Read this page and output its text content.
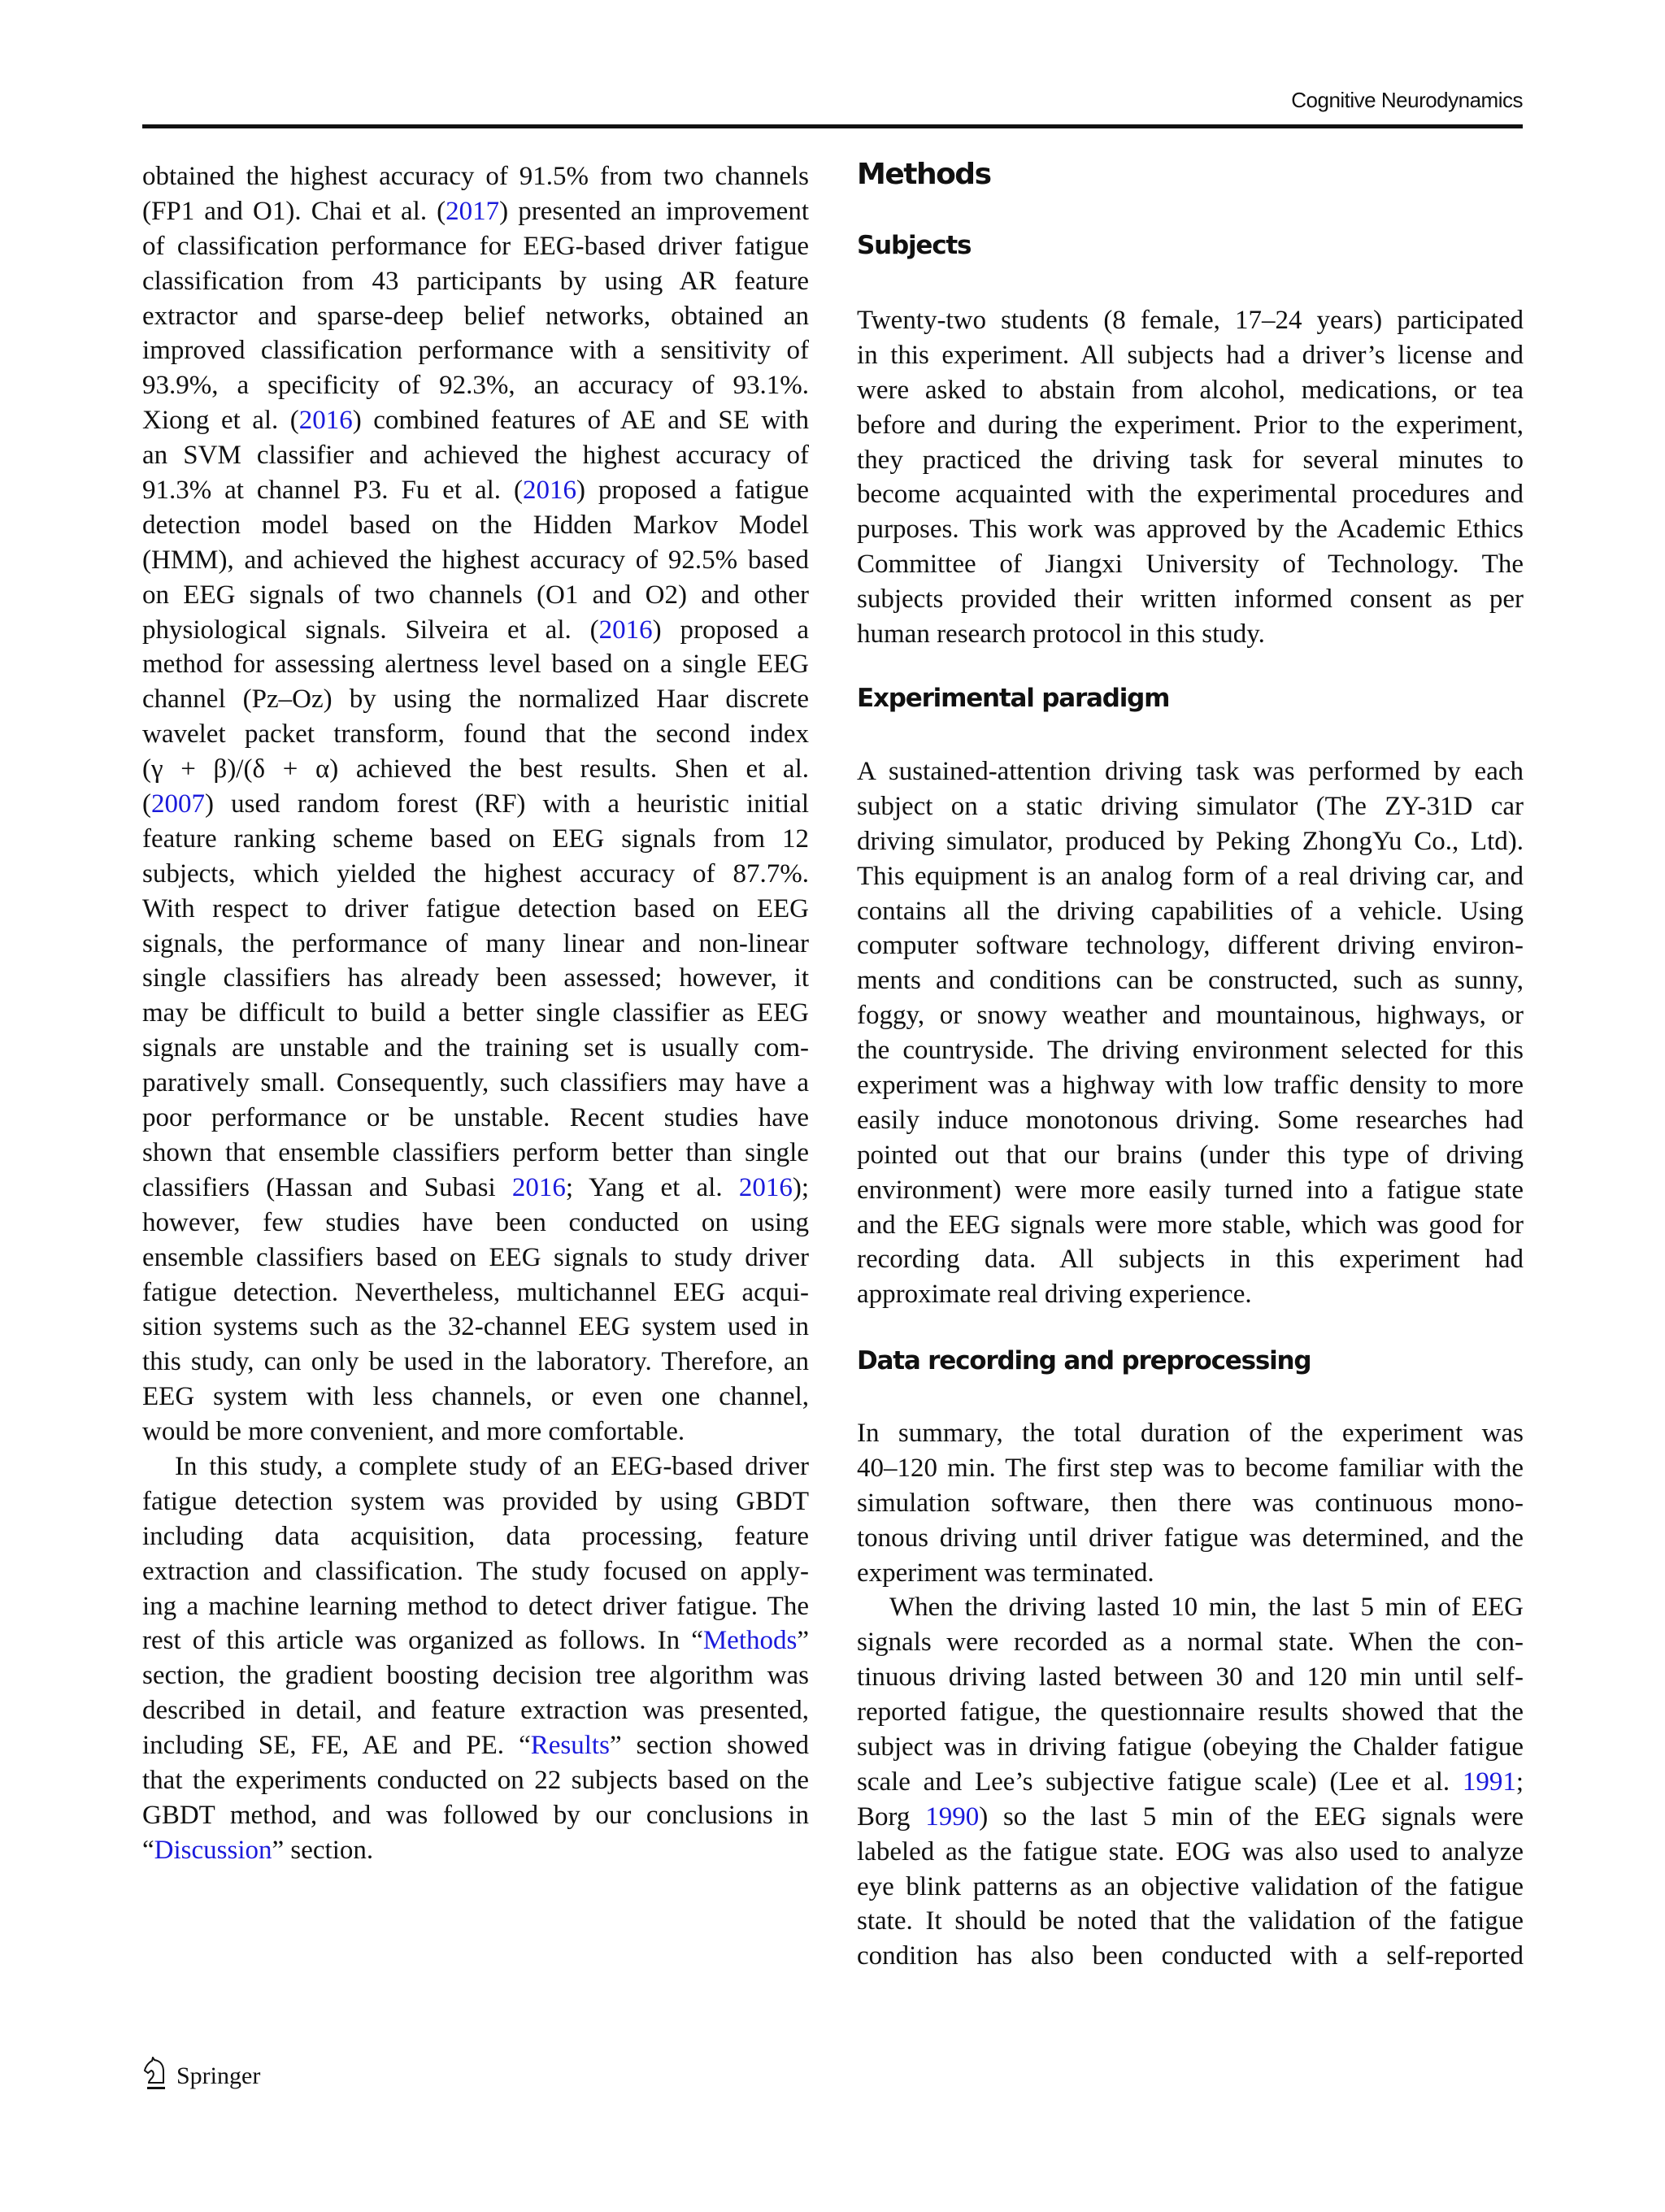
Cognitive Neurodynamics
obtained the highest accuracy of 91.5% from two channels
(FP1 and O1). Chai et al. (2017) presented an improvement
of classification performance for EEG-based driver fatigue
classification from 43 participants by using AR feature
extractor and sparse-deep belief networks, obtained an
improved classification performance with a sensitivity of
93.9%, a specificity of 92.3%, an accuracy of 93.1%.
Xiong et al. (2016) combined features of AE and SE with
an SVM classifier and achieved the highest accuracy of
91.3% at channel P3. Fu et al. (2016) proposed a fatigue
detection model based on the Hidden Markov Model
(HMM), and achieved the highest accuracy of 92.5% based
on EEG signals of two channels (O1 and O2) and other
physiological signals. Silveira et al. (2016) proposed a
method for assessing alertness level based on a single EEG
channel (Pz–Oz) by using the normalized Haar discrete
wavelet packet transform, found that the second index
(γ + β)/(δ + α) achieved the best results. Shen et al.
(2007) used random forest (RF) with a heuristic initial
feature ranking scheme based on EEG signals from 12
subjects, which yielded the highest accuracy of 87.7%.
With respect to driver fatigue detection based on EEG
signals, the performance of many linear and non-linear
single classifiers has already been assessed; however, it
may be difficult to build a better single classifier as EEG
signals are unstable and the training set is usually com-
paratively small. Consequently, such classifiers may have a
poor performance or be unstable. Recent studies have
shown that ensemble classifiers perform better than single
classifiers (Hassan and Subasi 2016; Yang et al. 2016);
however, few studies have been conducted on using
ensemble classifiers based on EEG signals to study driver
fatigue detection. Nevertheless, multichannel EEG acqui-
sition systems such as the 32-channel EEG system used in
this study, can only be used in the laboratory. Therefore, an
EEG system with less channels, or even one channel,
would be more convenient, and more comfortable.
In this study, a complete study of an EEG-based driver
fatigue detection system was provided by using GBDT
including data acquisition, data processing, feature
extraction and classification. The study focused on apply-
ing a machine learning method to detect driver fatigue. The
rest of this article was organized as follows. In “Methods”
section, the gradient boosting decision tree algorithm was
described in detail, and feature extraction was presented,
including SE, FE, AE and PE. “Results” section showed
that the experiments conducted on 22 subjects based on the
GBDT method, and was followed by our conclusions in
“Discussion” section.
Methods
Subjects
Twenty-two students (8 female, 17–24 years) participated
in this experiment. All subjects had a driver’s license and
were asked to abstain from alcohol, medications, or tea
before and during the experiment. Prior to the experiment,
they practiced the driving task for several minutes to
become acquainted with the experimental procedures and
purposes. This work was approved by the Academic Ethics
Committee of Jiangxi University of Technology. The
subjects provided their written informed consent as per
human research protocol in this study.
Experimental paradigm
A sustained-attention driving task was performed by each
subject on a static driving simulator (The ZY-31D car
driving simulator, produced by Peking ZhongYu Co., Ltd).
This equipment is an analog form of a real driving car, and
contains all the driving capabilities of a vehicle. Using
computer software technology, different driving environ-
ments and conditions can be constructed, such as sunny,
foggy, or snowy weather and mountainous, highways, or
the countryside. The driving environment selected for this
experiment was a highway with low traffic density to more
easily induce monotonous driving. Some researches had
pointed out that our brains (under this type of driving
environment) were more easily turned into a fatigue state
and the EEG signals were more stable, which was good for
recording data. All subjects in this experiment had
approximate real driving experience.
Data recording and preprocessing
In summary, the total duration of the experiment was
40–120 min. The first step was to become familiar with the
simulation software, then there was continuous mono-
tonous driving until driver fatigue was determined, and the
experiment was terminated.
When the driving lasted 10 min, the last 5 min of EEG
signals were recorded as a normal state. When the con-
tinuous driving lasted between 30 and 120 min until self-
reported fatigue, the questionnaire results showed that the
subject was in driving fatigue (obeying the Chalder fatigue
scale and Lee’s subjective fatigue scale) (Lee et al. 1991;
Borg 1990) so the last 5 min of the EEG signals were
labeled as the fatigue state. EOG was also used to analyze
eye blink patterns as an objective validation of the fatigue
state. It should be noted that the validation of the fatigue
condition has also been conducted with a self-reported
Springer
